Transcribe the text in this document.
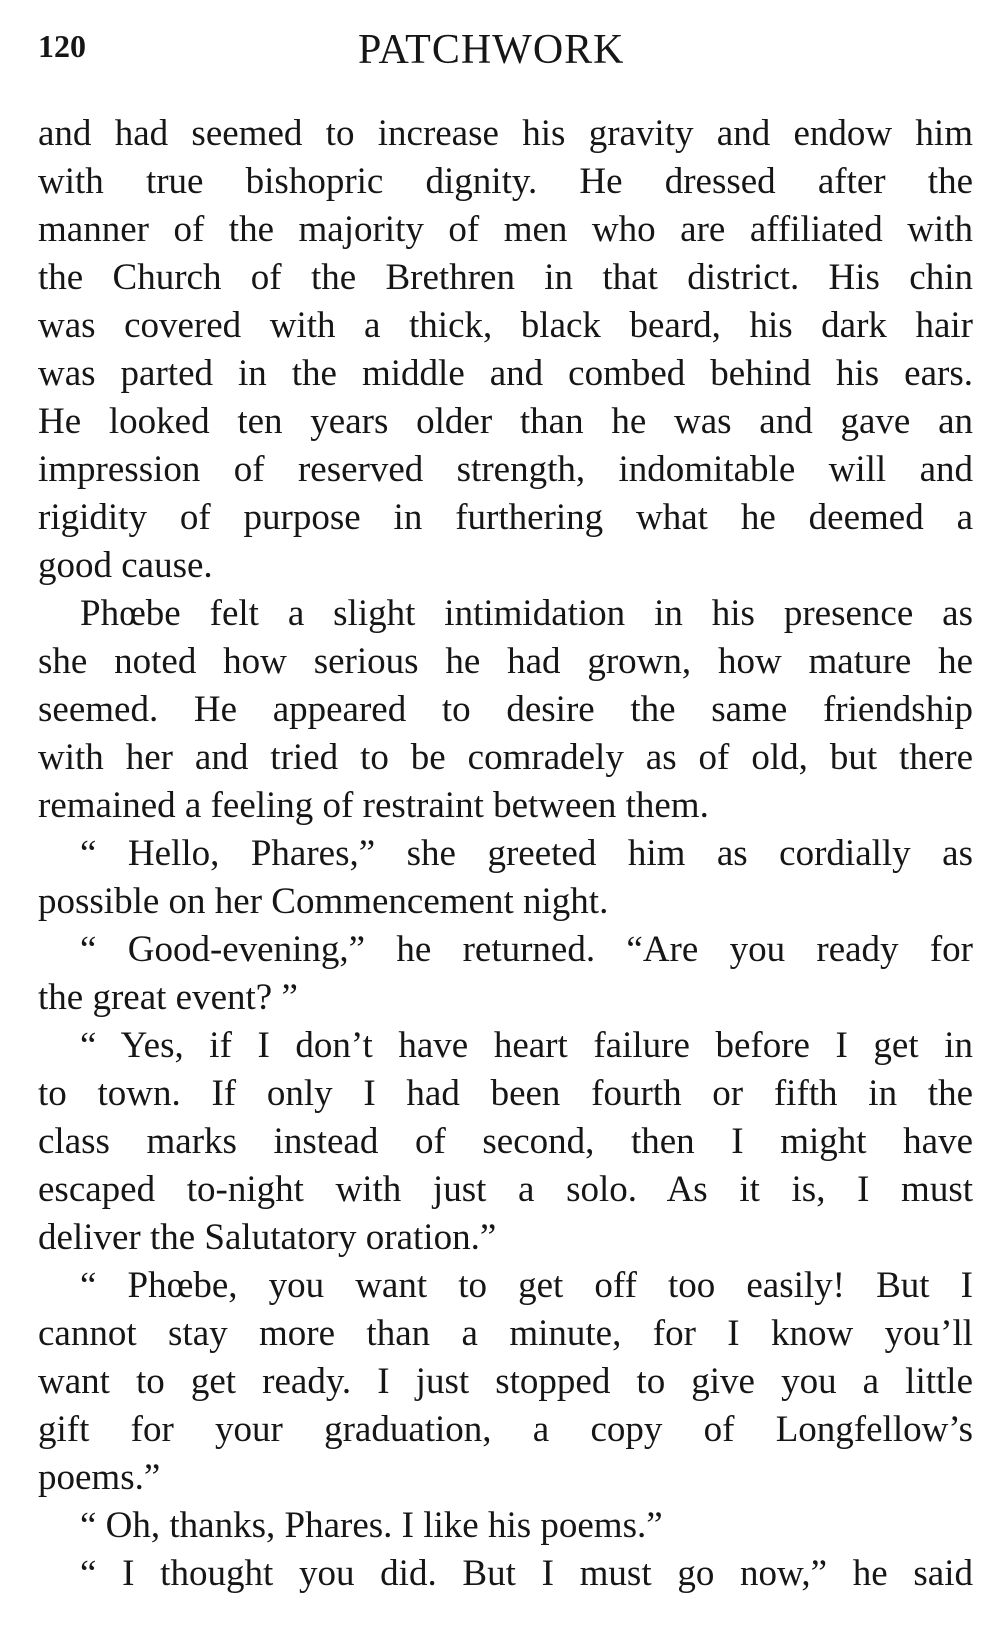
120	PATCHWORK
and had seemed to increase his gravity and endow him
with true bishopric dignity. He dressed after the
manner of the majority of men who are affiliated with
the Church of the Brethren in that district. His chin
was covered with a thick, black beard, his dark hair
was parted in the middle and combed behind his ears.
He looked ten years older than he was and gave an
impression of reserved strength, indomitable will and
rigidity of purpose in furthering what he deemed a
good cause.
Phœbe felt a slight intimidation in his presence as
she noted how serious he had grown, how mature he
seemed. He appeared to desire the same friendship
with her and tried to be comradely as of old, but there
remained a feeling of restraint between them.
“ Hello, Phares,” she greeted him as cordially as
possible on her Commencement night.
“ Good-evening,” he returned. “Are you ready for
the great event? ”
“ Yes, if I don’t have heart failure before I get in
to town. If only I had been fourth or fifth in the
class marks instead of second, then I might have
escaped to-night with just a solo. As it is, I must
deliver the Salutatory oration.”
“ Phœbe, you want to get off too easily! But I
cannot stay more than a minute, for I know you’ll
want to get ready. I just stopped to give you a little
gift for your graduation, a copy of Longfellow’s
poems.”
“ Oh, thanks, Phares. I like his poems.”
“ I thought you did. But I must go now,” he said
